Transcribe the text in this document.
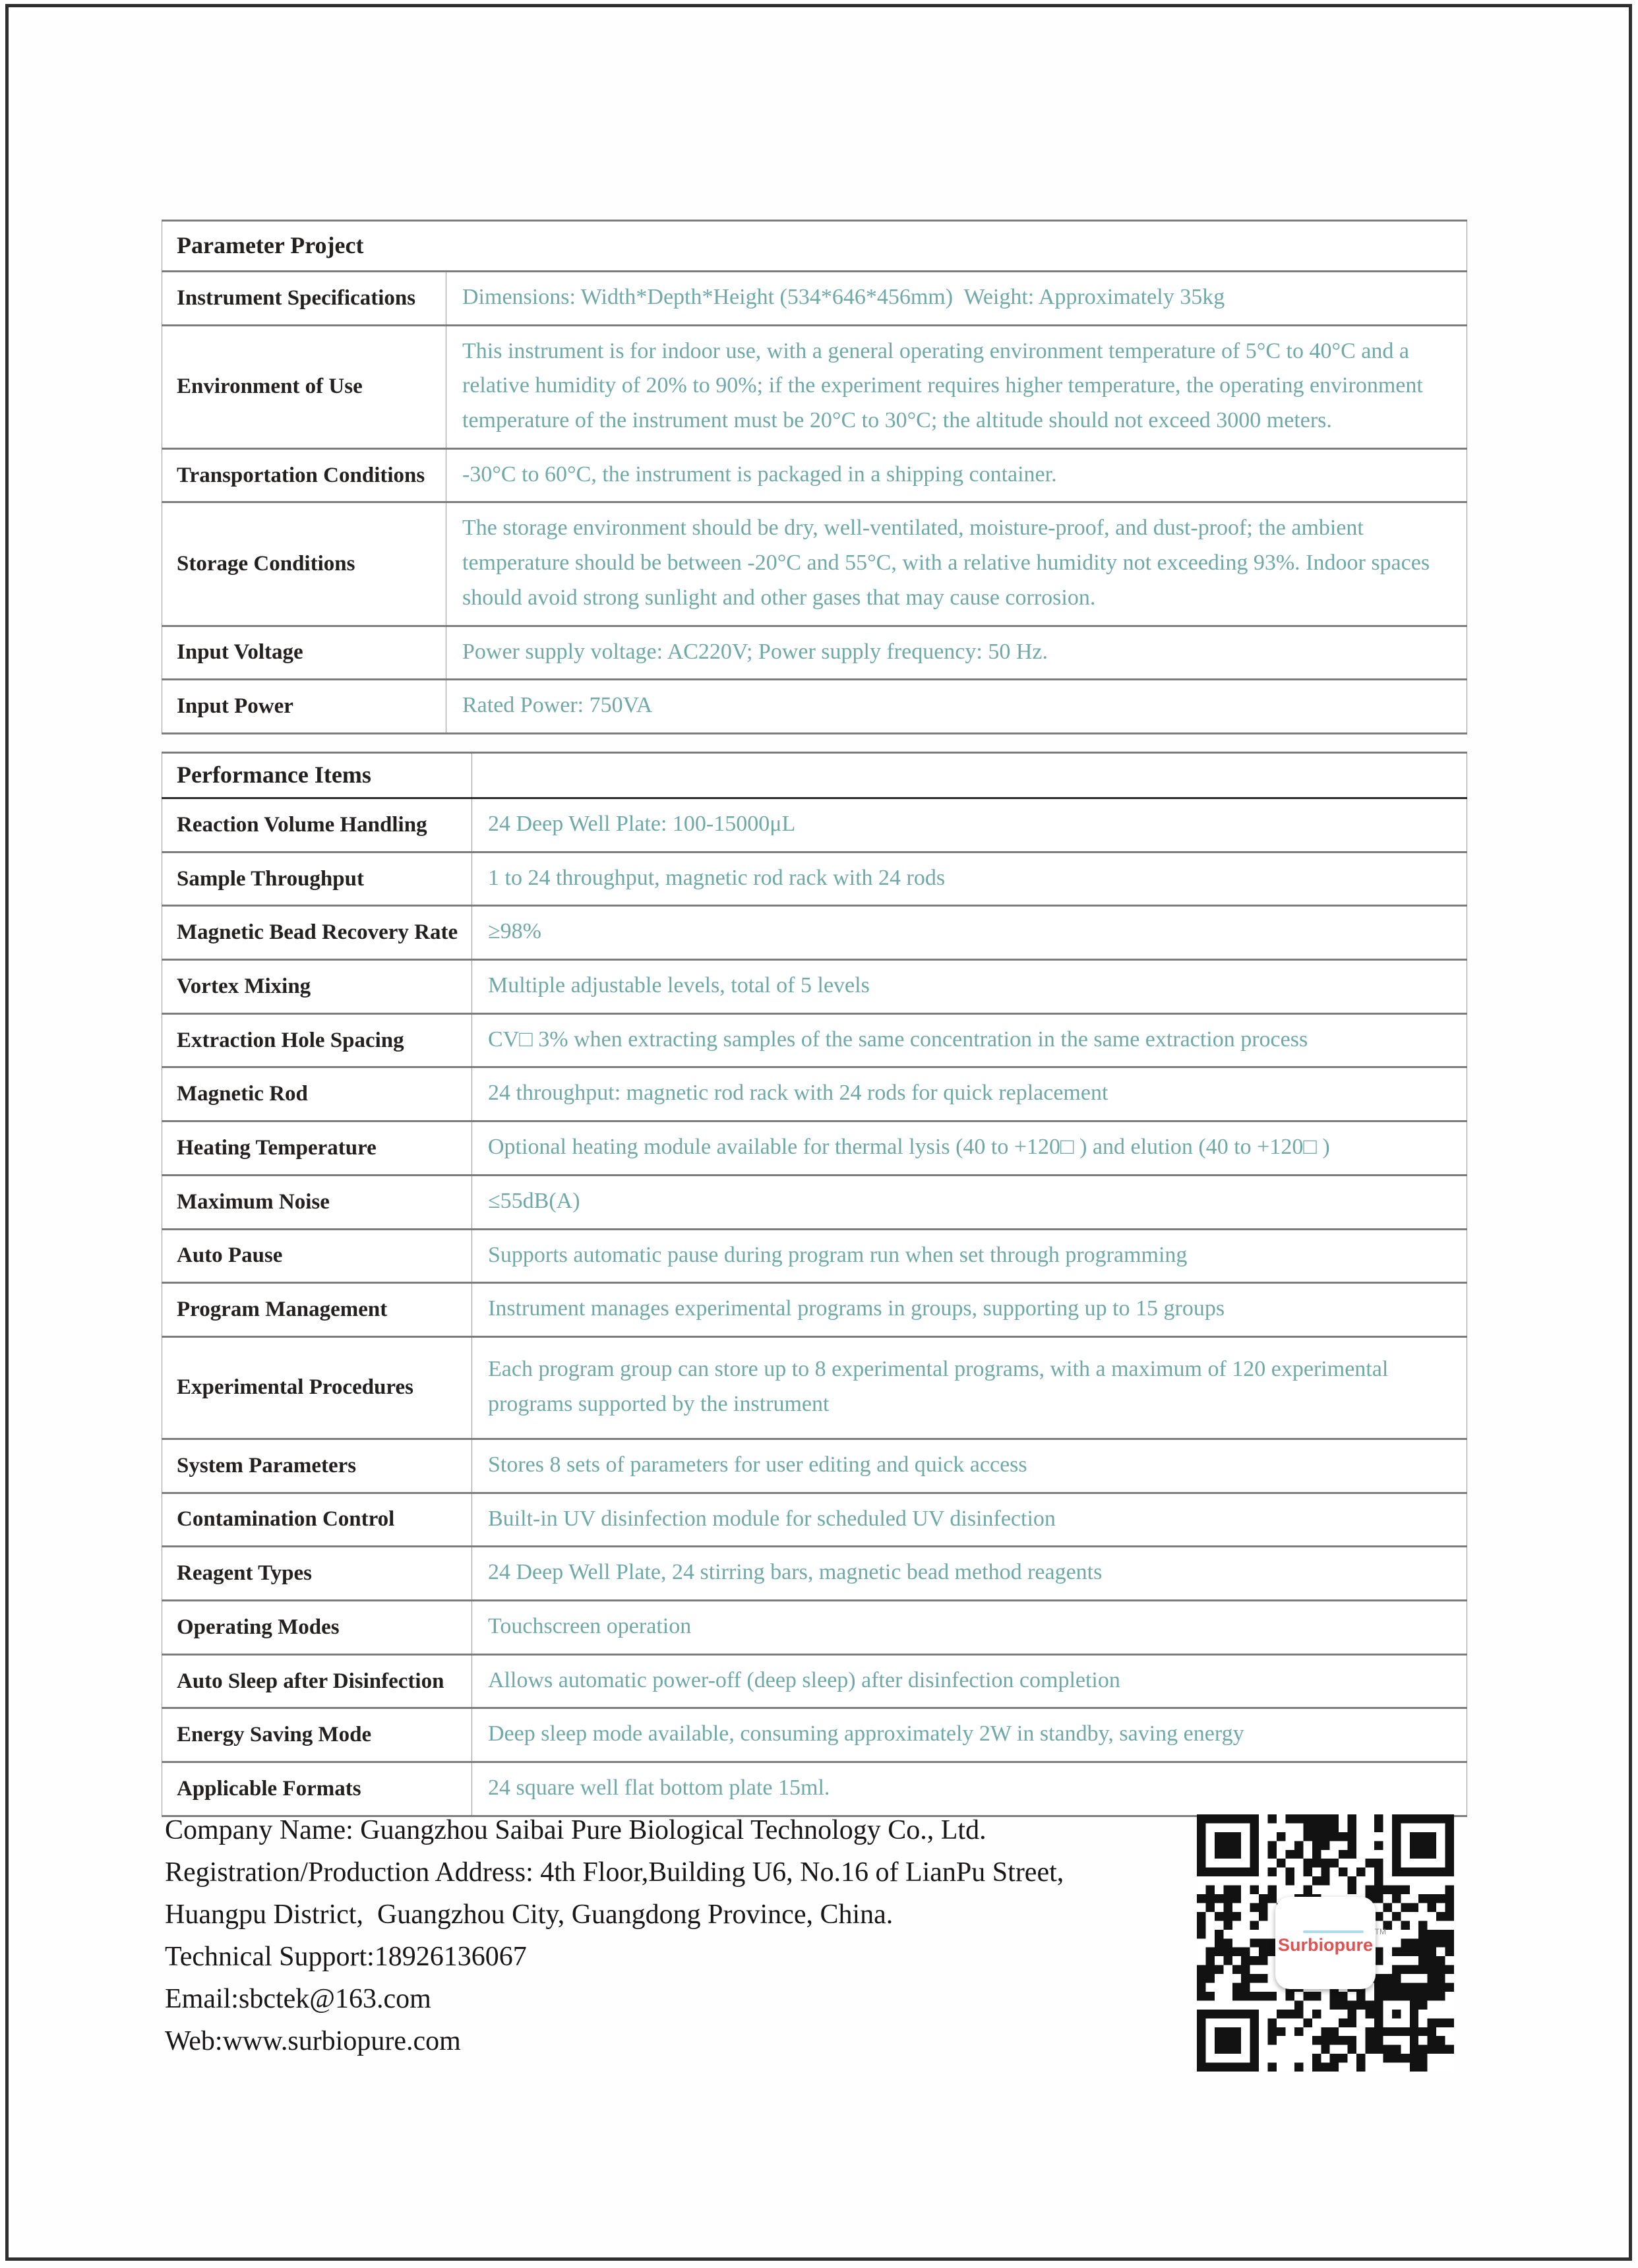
Parameter Project	
Instrument Specifications	Dimensions: Width*Depth*Height (534*646*456mm)  Weight: Approximately 35kg
Environment of Use	This instrument is for indoor use, with a general operating environment temperature of 5°C to 40°C and a relative humidity of 20% to 90%; if the experiment requires higher temperature, the operating environment temperature of the instrument must be 20°C to 30°C; the altitude should not exceed 3000 meters.
Transportation Conditions	-30°C to 60°C, the instrument is packaged in a shipping container.
Storage Conditions	The storage environment should be dry, well-ventilated, moisture-proof, and dust-proof; the ambient temperature should be between -20°C and 55°C, with a relative humidity not exceeding 93%. Indoor spaces should avoid strong sunlight and other gases that may cause corrosion.
Input Voltage	Power supply voltage: AC220V; Power supply frequency: 50 Hz.
Input Power	Rated Power: 750VA
Performance Items	
Reaction Volume Handling	24 Deep Well Plate: 100-15000μL
Sample Throughput	1 to 24 throughput, magnetic rod rack with 24 rods
Magnetic Bead Recovery Rate	≥98%
Vortex Mixing	Multiple adjustable levels, total of 5 levels
Extraction Hole Spacing	CV□ 3% when extracting samples of the same concentration in the same extraction process
Magnetic Rod	24 throughput: magnetic rod rack with 24 rods for quick replacement
Heating Temperature	Optional heating module available for thermal lysis (40 to +120□ ) and elution (40 to +120□ )
Maximum Noise	≤55dB(A)
Auto Pause	Supports automatic pause during program run when set through programming
Program Management	Instrument manages experimental programs in groups, supporting up to 15 groups
Experimental Procedures	Each program group can store up to 8 experimental programs, with a maximum of 120 experimental programs supported by the instrument
System Parameters	Stores 8 sets of parameters for user editing and quick access
Contamination Control	Built-in UV disinfection module for scheduled UV disinfection
Reagent Types	24 Deep Well Plate, 24 stirring bars, magnetic bead method reagents
Operating Modes	Touchscreen operation
Auto Sleep after Disinfection	Allows automatic power-off (deep sleep) after disinfection completion
Energy Saving Mode	Deep sleep mode available, consuming approximately 2W in standby, saving energy
Applicable Formats	24 square well flat bottom plate 15ml.

Company Name: Guangzhou Saibai Pure Biological Technology Co., Ltd.

Registration/Production Address: 4th Floor,Building U6, No.16 of LianPu Street,

Huangpu District,  Guangzhou City, Guangdong Province, China.

Technical Support:18926136067

Email:sbctek@163.com

Web:www.surbiopure.com

Surbiopure
TM
